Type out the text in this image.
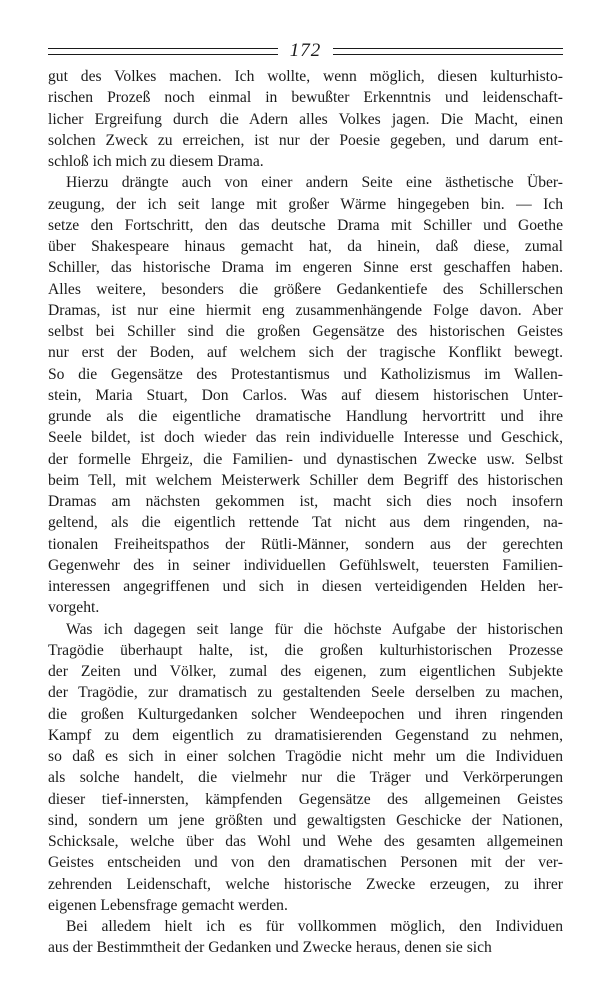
172
gut des Volkes machen. Ich wollte, wenn möglich, diesen kulturhisto-
rischen Prozeß noch einmal in bewußter Erkenntnis und leidenschaft-
licher Ergreifung durch die Adern alles Volkes jagen. Die Macht, einen
solchen Zweck zu erreichen, ist nur der Poesie gegeben, und darum ent-
schloß ich mich zu diesem Drama.
Hierzu drängte auch von einer andern Seite eine ästhetische Über-
zeugung, der ich seit lange mit großer Wärme hingegeben bin. — Ich
setze den Fortschritt, den das deutsche Drama mit Schiller und Goethe
über Shakespeare hinaus gemacht hat, da hinein, daß diese, zumal
Schiller, das historische Drama im engeren Sinne erst geschaffen haben.
Alles weitere, besonders die größere Gedankentiefe des Schillerschen
Dramas, ist nur eine hiermit eng zusammenhängende Folge davon. Aber
selbst bei Schiller sind die großen Gegensätze des historischen Geistes
nur erst der Boden, auf welchem sich der tragische Konflikt bewegt.
So die Gegensätze des Protestantismus und Katholizismus im Wallen-
stein, Maria Stuart, Don Carlos. Was auf diesem historischen Unter-
grunde als die eigentliche dramatische Handlung hervortritt und ihre
Seele bildet, ist doch wieder das rein individuelle Interesse und Geschick,
der formelle Ehrgeiz, die Familien- und dynastischen Zwecke usw. Selbst
beim Tell, mit welchem Meisterwerk Schiller dem Begriff des historischen
Dramas am nächsten gekommen ist, macht sich dies noch insofern
geltend, als die eigentlich rettende Tat nicht aus dem ringenden, na-
tionalen Freiheitspathos der Rütli-Männer, sondern aus der gerechten
Gegenwehr des in seiner individuellen Gefühlswelt, teuersten Familien-
interessen angegriffenen und sich in diesen verteidigenden Helden her-
vorgeht.
Was ich dagegen seit lange für die höchste Aufgabe der historischen
Tragödie überhaupt halte, ist, die großen kulturhistorischen Prozesse
der Zeiten und Völker, zumal des eigenen, zum eigentlichen Subjekte
der Tragödie, zur dramatisch zu gestaltenden Seele derselben zu machen,
die großen Kulturgedanken solcher Wendeepochen und ihren ringenden
Kampf zu dem eigentlich zu dramatisierenden Gegenstand zu nehmen,
so daß es sich in einer solchen Tragödie nicht mehr um die Individuen
als solche handelt, die vielmehr nur die Träger und Verkörperungen
dieser tief-innersten, kämpfenden Gegensätze des allgemeinen Geistes
sind, sondern um jene größten und gewaltigsten Geschicke der Nationen,
Schicksale, welche über das Wohl und Wehe des gesamten allgemeinen
Geistes entscheiden und von den dramatischen Personen mit der ver-
zehrenden Leidenschaft, welche historische Zwecke erzeugen, zu ihrer
eigenen Lebensfrage gemacht werden.
Bei alledem hielt ich es für vollkommen möglich, den Individuen
aus der Bestimmtheit der Gedanken und Zwecke heraus, denen sie sich
